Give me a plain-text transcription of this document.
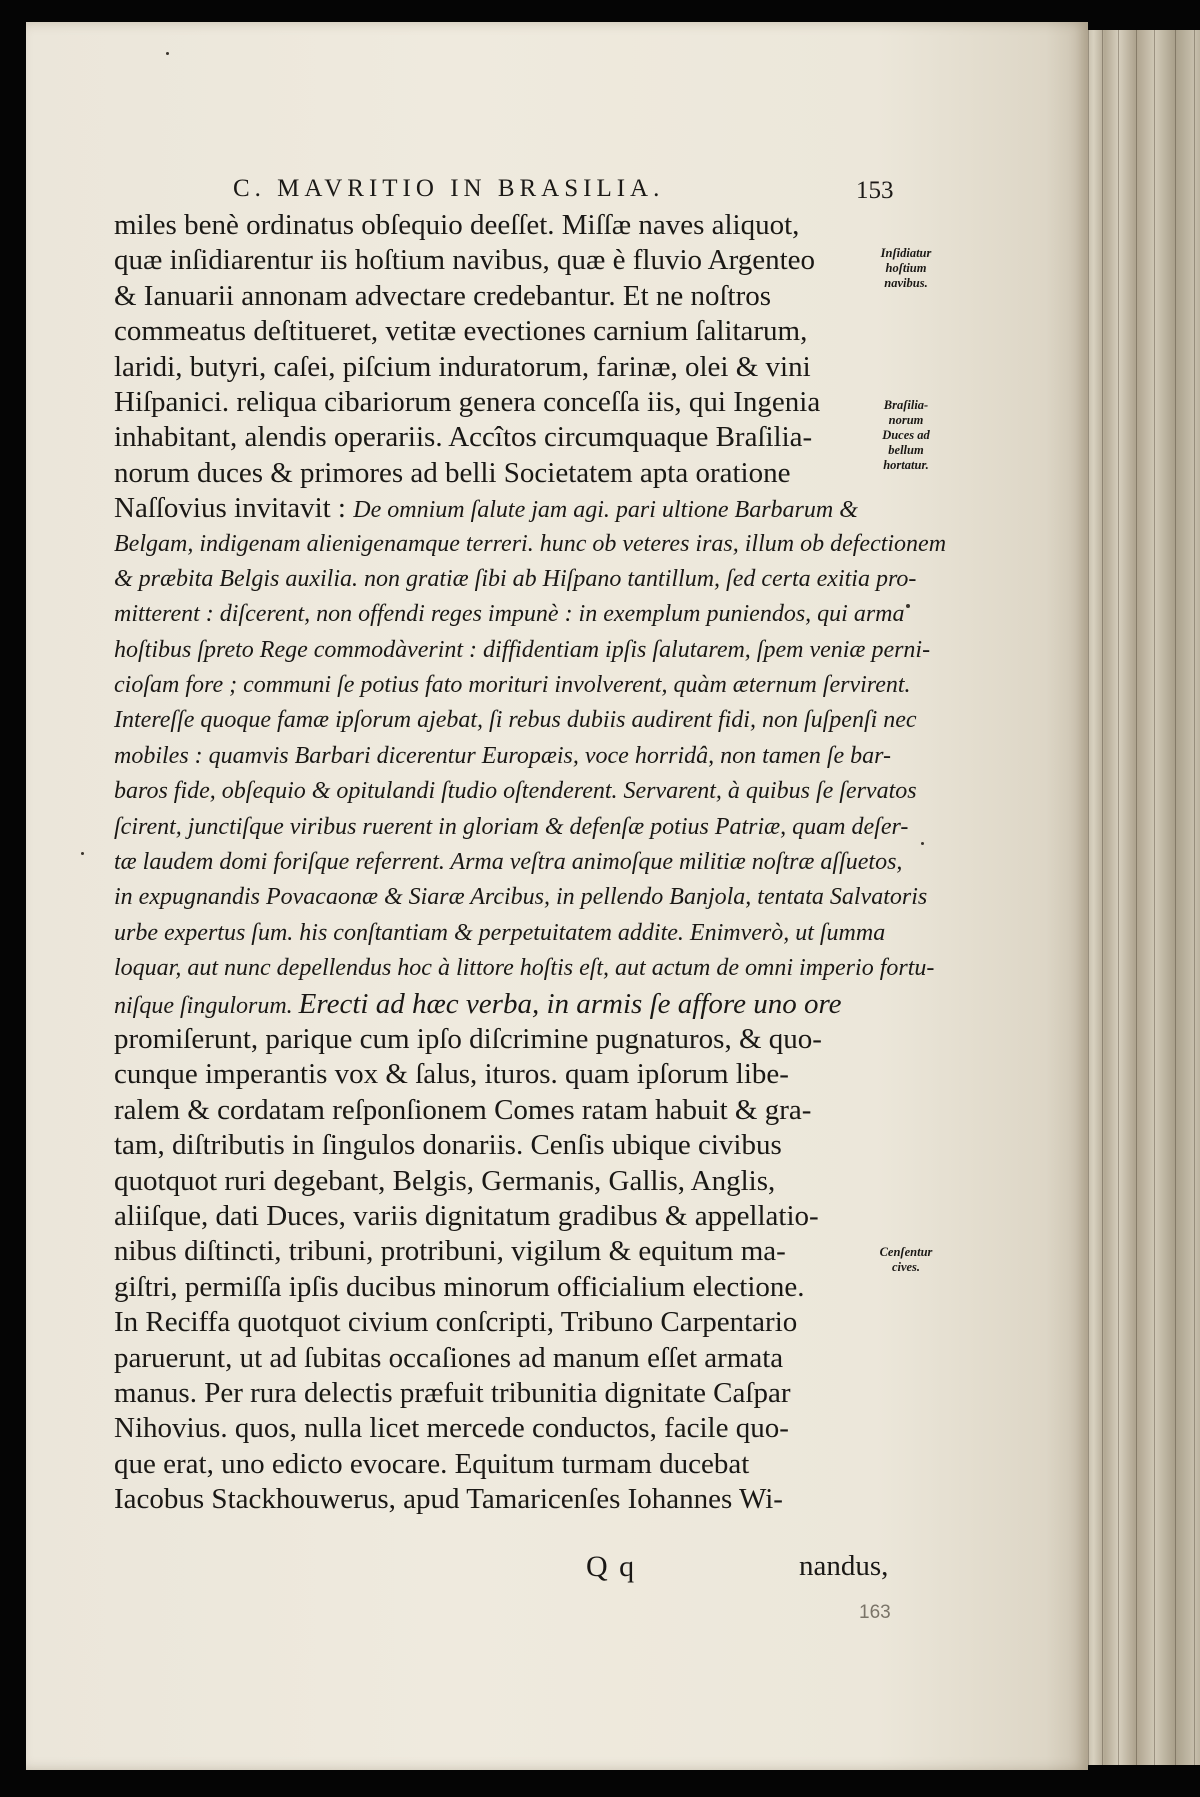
C. MAVRITIO IN BRASILIA.	153
miles benè ordinatus obſequio deeſſet. Miſſæ naves aliquot,
quæ inſidiarentur iis hoſtium navibus, quæ è fluvio Argenteo
& Ianuarii annonam advectare credebantur. Et ne noſtros
commeatus deſtitueret, vetitæ evectiones carnium ſalitarum,
laridi, butyri, caſei, piſcium induratorum, farinæ, olei & vini
Hiſpanici. reliqua cibariorum genera conceſſa iis, qui Ingenia
inhabitant, alendis operariis. Accîtos circumquaque Braſilia-
norum duces & primores ad belli Societatem apta oratione
Naſſovius invitavit : De omnium ſalute jam agi. pari ultione Barbarum &
Belgam, indigenam alienigenamque terreri. hunc ob veteres iras, illum ob defectionem
& præbita Belgis auxilia. non gratiæ ſibi ab Hiſpano tantillum, ſed certa exitia pro-
mitterent : diſcerent, non offendi reges impunè : in exemplum puniendos, qui arma
hoſtibus ſpreto Rege commodàverint : diffidentiam ipſis ſalutarem, ſpem veniæ perni-
cioſam fore ; communi ſe potius fato morituri involverent, quàm æternum ſervirent.
Intereſſe quoque famæ ipſorum ajebat, ſi rebus dubiis audirent fidi, non ſuſpenſi nec
mobiles : quamvis Barbari dicerentur Europæis, voce horridâ, non tamen ſe bar-
baros fide, obſequio & opitulandi ſtudio oſtenderent. Servarent, à quibus ſe ſervatos
ſcirent, junctiſque viribus ruerent in gloriam & defenſæ potius Patriæ, quam deſer-
tæ laudem domi foriſque referrent. Arma veſtra animoſque militiæ noſtræ aſſuetos,
in expugnandis Povacaonæ & Siaræ Arcibus, in pellendo Banjola, tentata Salvatoris
urbe expertus ſum. his conſtantiam & perpetuitatem addite. Enimverò, ut ſumma
loquar, aut nunc depellendus hoc à littore hoſtis eſt, aut actum de omni imperio fortu-
niſque ſingulorum. Erecti ad hæc verba, in armis ſe affore uno ore
promiſerunt, parique cum ipſo diſcrimine pugnaturos, & quo-
cunque imperantis vox & ſalus, ituros. quam ipſorum libe-
ralem & cordatam reſponſionem Comes ratam habuit & gra-
tam, diſtributis in ſingulos donariis. Cenſis ubique civibus
quotquot ruri degebant, Belgis, Germanis, Gallis, Anglis,
aliiſque, dati Duces, variis dignitatum gradibus & appellatio-
nibus diſtincti, tribuni, protribuni, vigilum & equitum ma-
giſtri, permiſſa ipſis ducibus minorum officialium electione.
In Reciffa quotquot civium conſcripti, Tribuno Carpentario
paruerunt, ut ad ſubitas occaſiones ad manum eſſet armata
manus. Per rura delectis præfuit tribunitia dignitate Caſpar
Nihovius. quos, nulla licet mercede conductos, facile quo-
que erat, uno edicto evocare. Equitum turmam ducebat
Iacobus Stackhouwerus, apud Tamaricenſes Iohannes Wi-
Inſidiatur
hoſtium
navibus.
Braſilia-
norum
Duces ad
bellum
hortatur.
Cenſentur
cives.
Q q	nandus,
163
